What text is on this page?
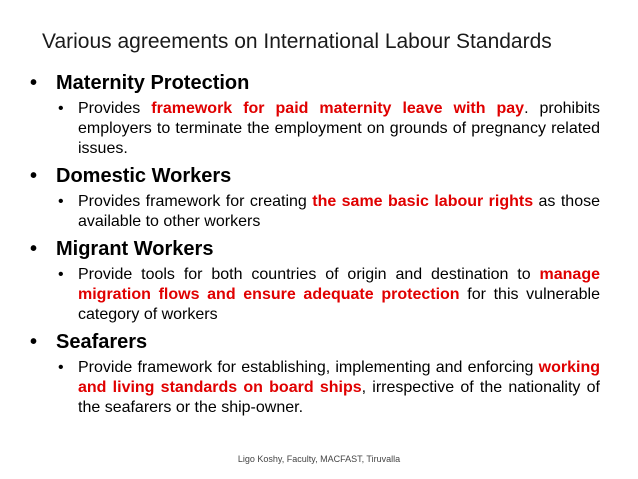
Various agreements on International Labour Standards
• Maternity Protection
• Provides framework for paid maternity leave with pay. prohibits employers to terminate the employment on grounds of pregnancy related issues.
• Domestic Workers
• Provides framework for creating the same basic labour rights as those available to other workers
• Migrant Workers
• Provide tools for both countries of origin and destination to manage migration flows and ensure adequate protection for this vulnerable category of workers
• Seafarers
• Provide framework for establishing, implementing and enforcing working and living standards on board ships, irrespective of the nationality of the seafarers or the ship-owner.
Ligo Koshy, Faculty, MACFAST, Tiruvalla
